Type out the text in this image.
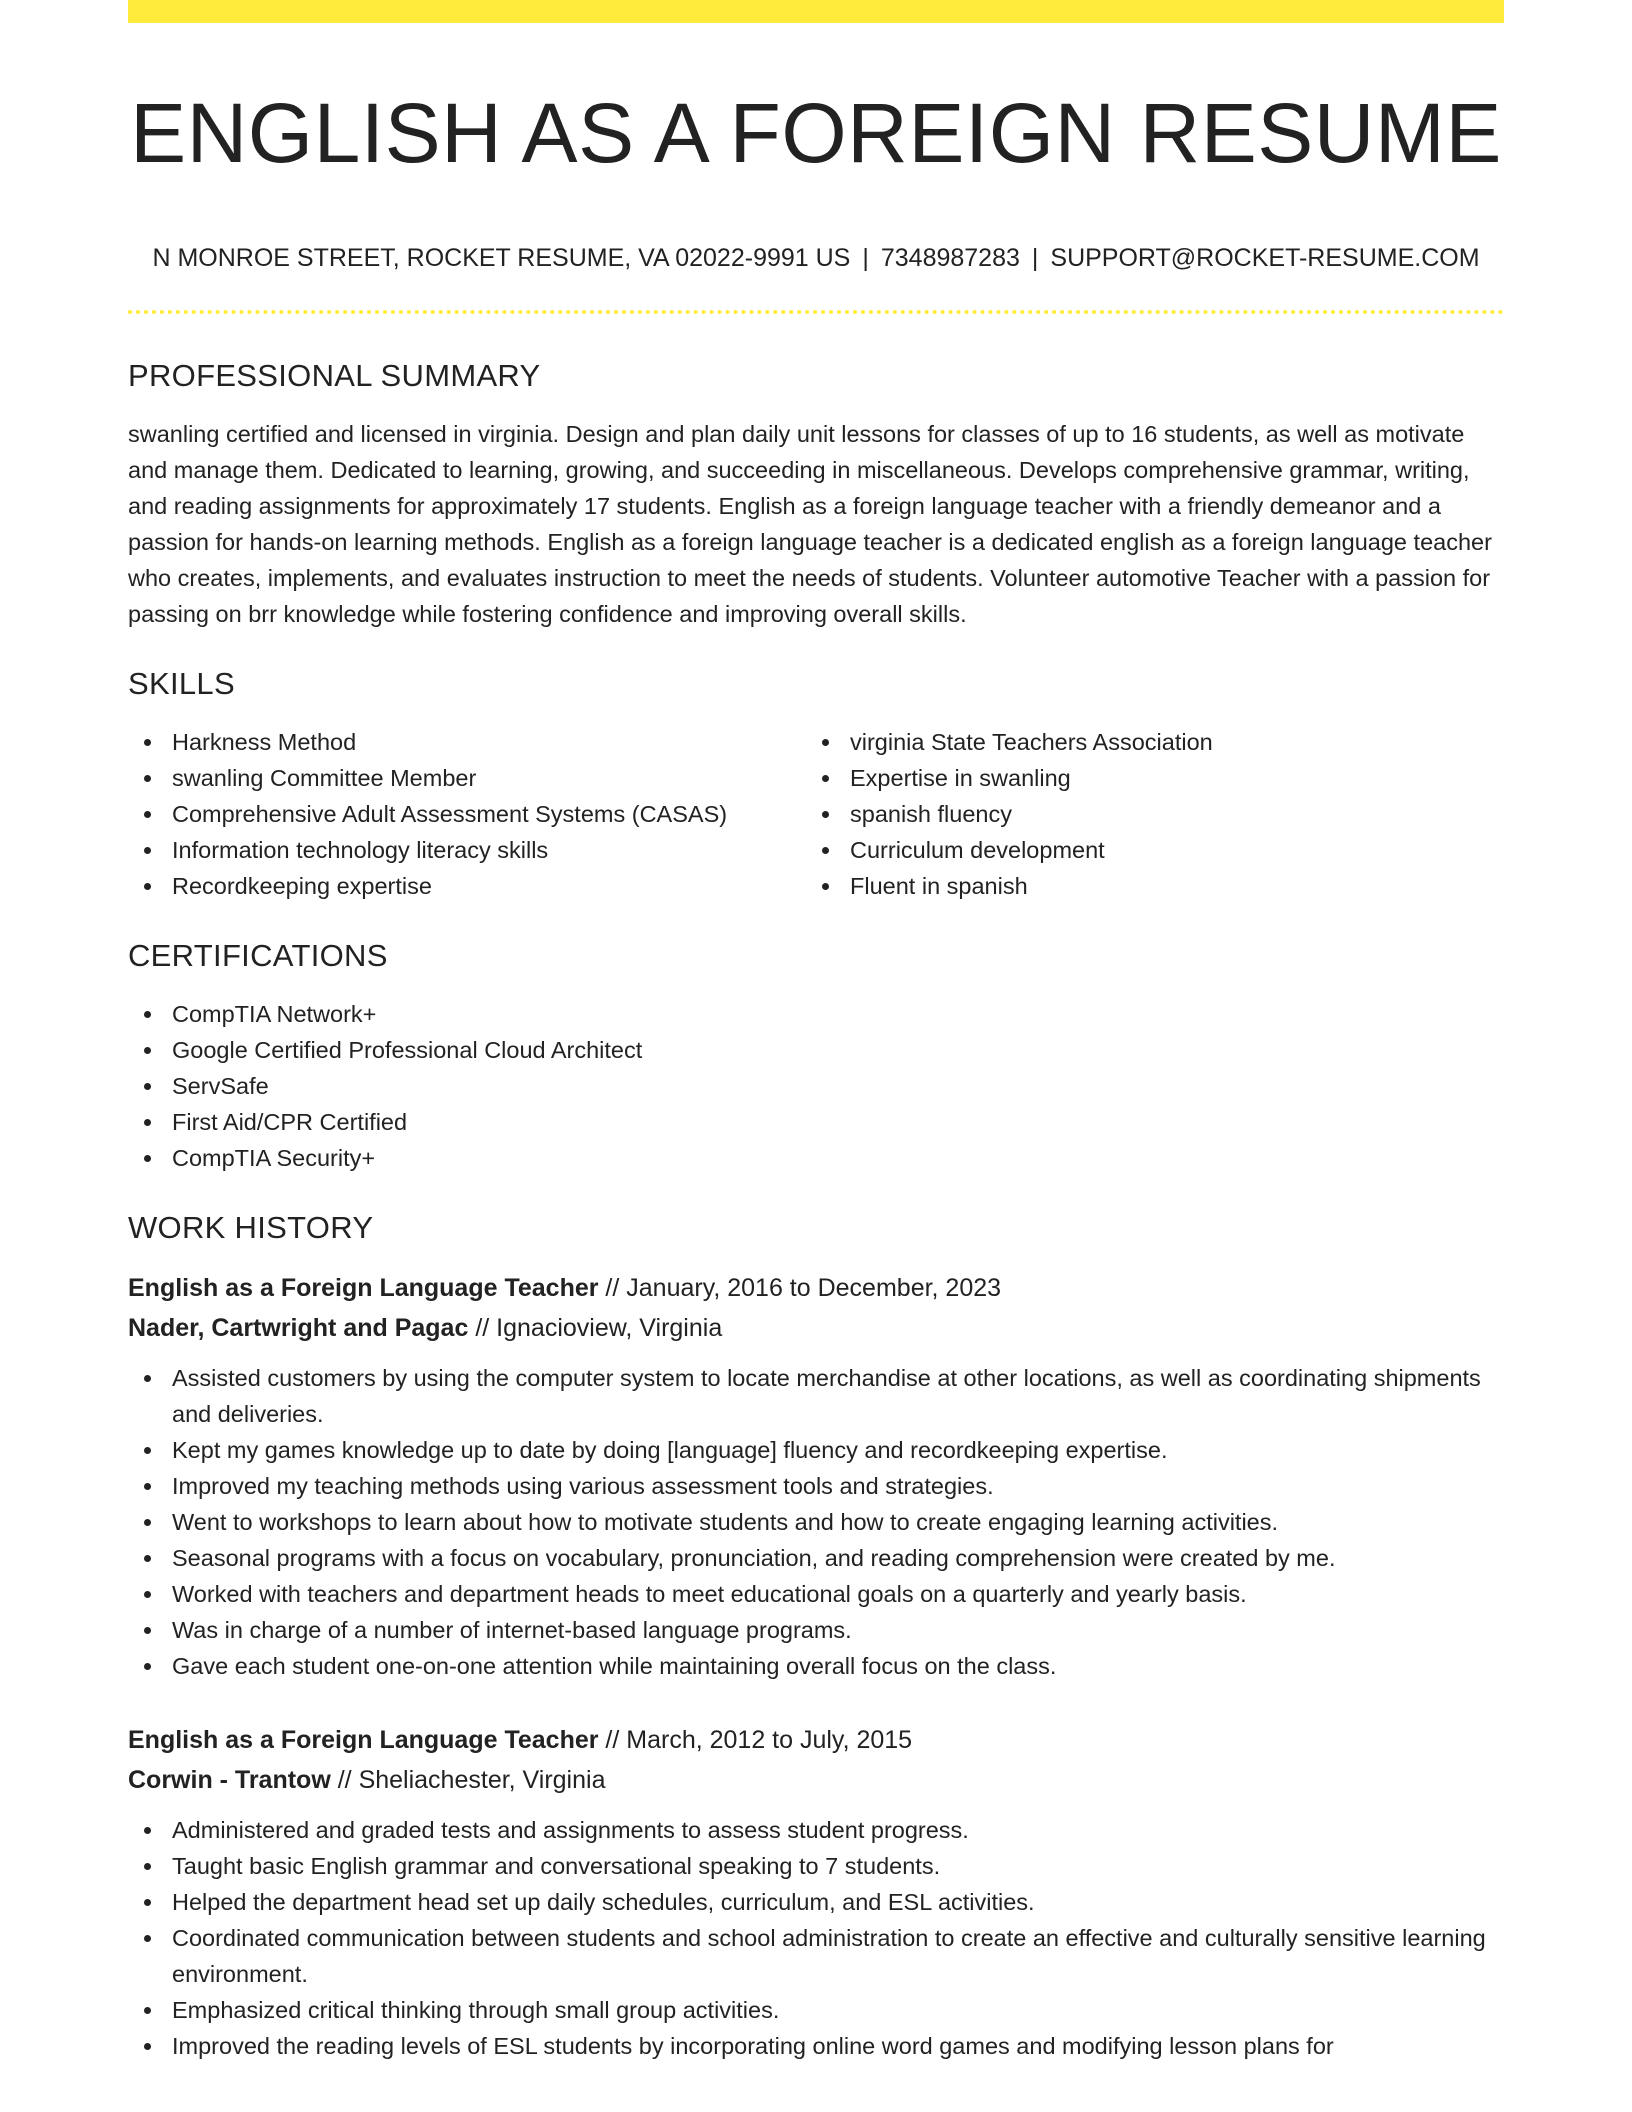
ENGLISH AS A FOREIGN RESUME
N MONROE STREET, ROCKET RESUME, VA 02022-9991 US | 7348987283 | SUPPORT@ROCKET-RESUME.COM
PROFESSIONAL SUMMARY

swanling certified and licensed in virginia. Design and plan daily unit lessons for classes of up to 16 students, as well as motivate and manage them. Dedicated to learning, growing, and succeeding in miscellaneous. Develops comprehensive grammar, writing, and reading assignments for approximately 17 students. English as a foreign language teacher with a friendly demeanor and a passion for hands-on learning methods. English as a foreign language teacher is a dedicated english as a foreign language teacher who creates, implements, and evaluates instruction to meet the needs of students. Volunteer automotive Teacher with a passion for passing on brr knowledge while fostering confidence and improving overall skills.

SKILLS
Harkness Method
swanling Committee Member
Comprehensive Adult Assessment Systems (CASAS)
Information technology literacy skills
Recordkeeping expertise
virginia State Teachers Association
Expertise in swanling
spanish fluency
Curriculum development
Fluent in spanish
CERTIFICATIONS
CompTIA Network+
Google Certified Professional Cloud Architect
ServSafe
First Aid/CPR Certified
CompTIA Security+
WORK HISTORY
English as a Foreign Language Teacher // January, 2016 to December, 2023
Nader, Cartwright and Pagac // Ignacioview, Virginia
Assisted customers by using the computer system to locate merchandise at other locations, as well as coordinating shipments and deliveries.
Kept my games knowledge up to date by doing [language] fluency and recordkeeping expertise.
Improved my teaching methods using various assessment tools and strategies.
Went to workshops to learn about how to motivate students and how to create engaging learning activities.
Seasonal programs with a focus on vocabulary, pronunciation, and reading comprehension were created by me.
Worked with teachers and department heads to meet educational goals on a quarterly and yearly basis.
Was in charge of a number of internet-based language programs.
Gave each student one-on-one attention while maintaining overall focus on the class.
English as a Foreign Language Teacher // March, 2012 to July, 2015
Corwin - Trantow // Sheliachester, Virginia
Administered and graded tests and assignments to assess student progress.
Taught basic English grammar and conversational speaking to 7 students.
Helped the department head set up daily schedules, curriculum, and ESL activities.
Coordinated communication between students and school administration to create an effective and culturally sensitive learning environment.
Emphasized critical thinking through small group activities.
Improved the reading levels of ESL students by incorporating online word games and modifying lesson plans for
